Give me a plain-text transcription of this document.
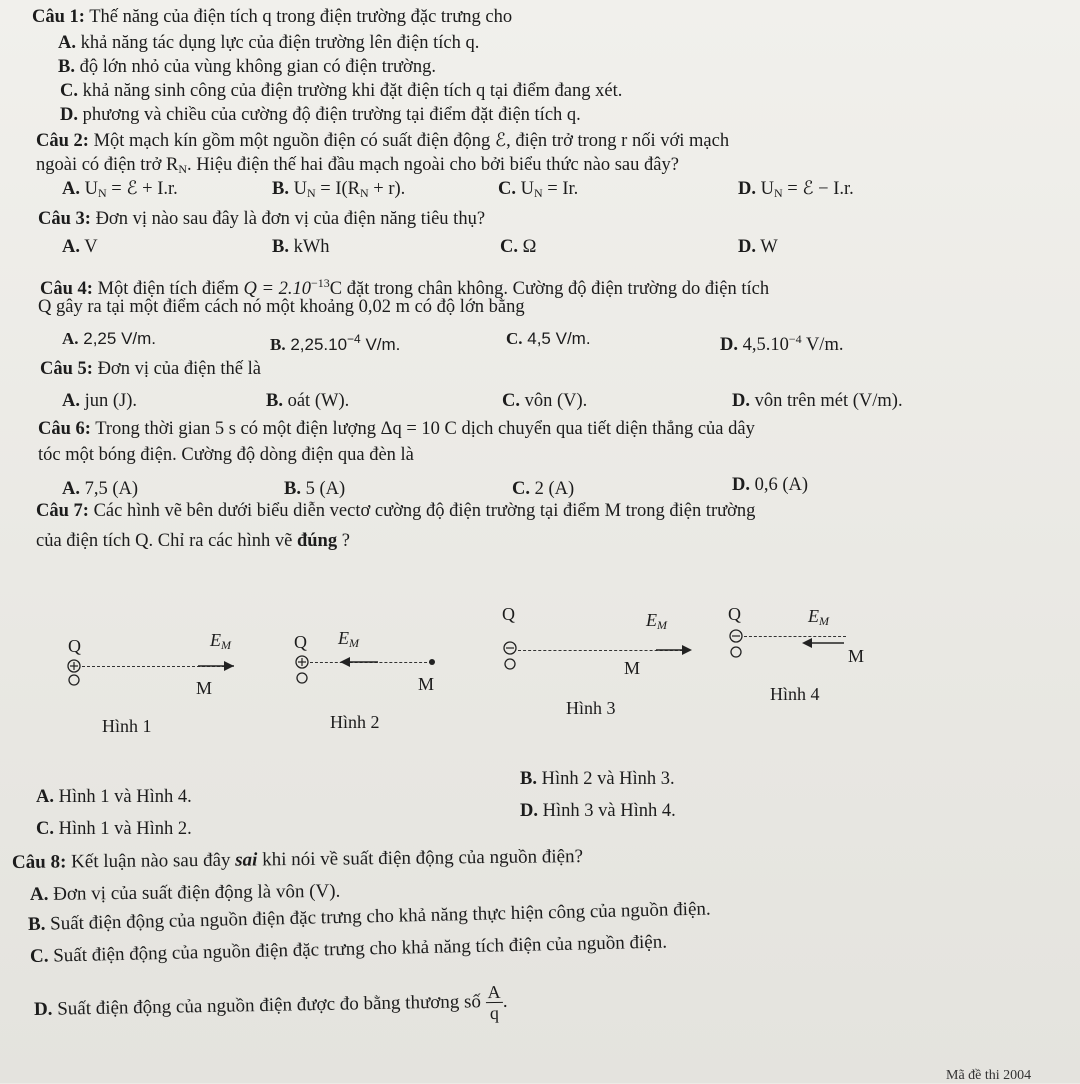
Câu 1: Thế năng của điện tích q trong điện trường đặc trưng cho
A. khả năng tác dụng lực của điện trường lên điện tích q.
B. độ lớn nhỏ của vùng không gian có điện trường.
C. khả năng sinh công của điện trường khi đặt điện tích q tại điểm đang xét.
D. phương và chiều của cường độ điện trường tại điểm đặt điện tích q.
Câu 2: Một mạch kín gồm một nguồn điện có suất điện động ℰ, điện trở trong r nối với mạch
ngoài có điện trở $R_N$. Hiệu điện thế hai đầu mạch ngoài cho bởi biểu thức nào sau đây?
A. $U_N$ = ℰ + I.r.	B. $U_N = I(R_N + r)$.	C. $U_N = Ir$.	D. $U_N$ = ℰ − I.r.
Câu 3: Đơn vị nào sau đây là đơn vị của điện năng tiêu thụ?
A. V	B. kWh	C. Ω	D. W
Câu 4: Một điện tích điểm $Q = 2.10^{-13}C$ đặt trong chân không. Cường độ điện trường do điện tích
Q gây ra tại một điểm cách nó một khoảng 0,02 m có độ lớn bằng
A. 2,25 V/m.	B. $2,25.10^{-4}$ V/m.	C. 4,5 V/m.	D. $4,5.10^{-4}$ V/m.
Câu 5: Đơn vị của điện thế là
A. jun (J).	B. oát (W).	C. vôn (V).	D. vôn trên mét (V/m).
Câu 6: Trong thời gian 5 s có một điện lượng Δq = 10 C dịch chuyển qua tiết diện thẳng của dây
tóc một bóng điện. Cường độ dòng điện qua đèn là
A. 7,5 (A)	B. 5 (A)	C. 2 (A)	D. 0,6 (A)
Câu 7: Các hình vẽ bên dưới biểu diễn vectơ cường độ điện trường tại điểm M trong điện trường
của điện tích Q. Chỉ ra các hình vẽ đúng ?
Q	$E_M$
M
Hình 1
Q $E_M$
M
Hình 2
Q	$E_M$
M
Hình 3
Q	$E_M$
M
Hình 4
A. Hình 1 và Hình 4.
B. Hình 2 và Hình 3.
C. Hình 1 và Hình 2.
D. Hình 3 và Hình 4.
Câu 8: Kết luận nào sau đây sai khi nói về suất điện động của nguồn điện?
A. Đơn vị của suất điện động là vôn (V).
B. Suất điện động của nguồn điện đặc trưng cho khả năng thực hiện công của nguồn điện.
C. Suất điện động của nguồn điện đặc trưng cho khả năng tích điện của nguồn điện.
D. Suất điện động của nguồn điện được đo bằng thương số $\frac{A}{q}$ .
Mã đề thi 2004
